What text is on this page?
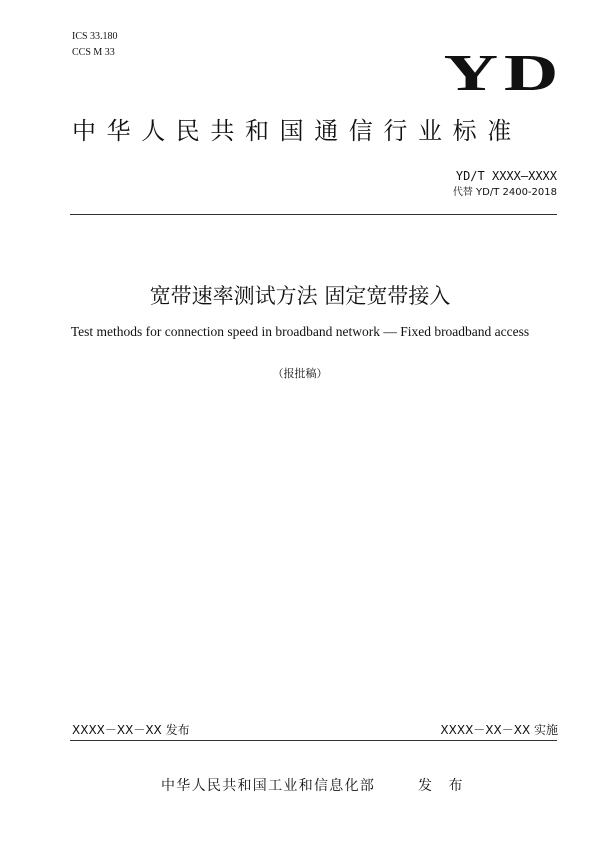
ICS 33.180
CCS M 33	YD
中华人民共和国通信行业标准
YD/T XXXX—XXXX
代替 YD/T 2400-2018
宽带速率测试方法 固定宽带接入
Test methods for connection speed in broadband network — Fixed broadband access
（报批稿）
XXXX－XX－XX 发布	XXXX－XX－XX 实施
中华人民共和国工业和信息化部	发 布
